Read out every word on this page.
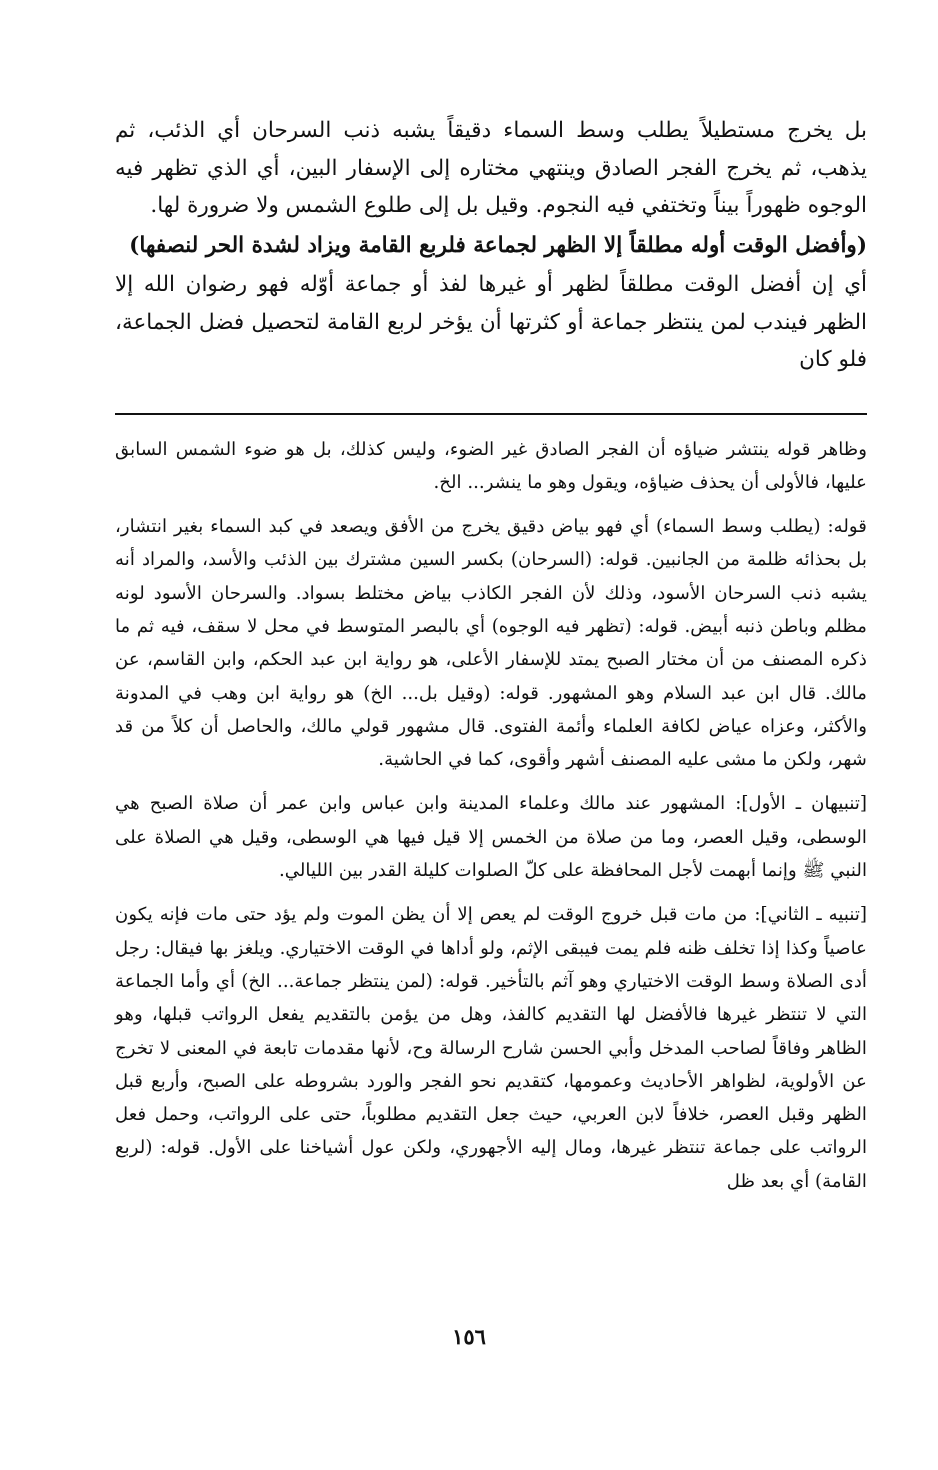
بل يخرج مستطيلاً يطلب وسط السماء دقيقاً يشبه ذنب السرحان أي الذئب، ثم يذهب، ثم يخرج الفجر الصادق وينتهي مختاره إلى الإسفار البين، أي الذي تظهر فيه الوجوه ظهوراً بيناً وتختفي فيه النجوم. وقيل بل إلى طلوع الشمس ولا ضرورة لها.

(وأفضل الوقت أوله مطلقاً إلا الظهر لجماعة فلربع القامة ويزاد لشدة الحر لنصفها)

أي إن أفضل الوقت مطلقاً لظهر أو غيرها لفذ أو جماعة أوّله فهو رضوان الله إلا الظهر فيندب لمن ينتظر جماعة أو كثرتها أن يؤخر لربع القامة لتحصيل فضل الجماعة، فلو كان

وظاهر قوله ينتشر ضياؤه أن الفجر الصادق غير الضوء، وليس كذلك، بل هو ضوء الشمس السابق عليها، فالأولى أن يحذف ضياؤه، ويقول وهو ما ينشر... الخ.

قوله: (يطلب وسط السماء) أي فهو بياض دقيق يخرج من الأفق ويصعد في كبد السماء بغير انتشار، بل بحذائه ظلمة من الجانبين. قوله: (السرحان) بكسر السين مشترك بين الذئب والأسد، والمراد أنه يشبه ذنب السرحان الأسود، وذلك لأن الفجر الكاذب بياض مختلط بسواد. والسرحان الأسود لونه مظلم وباطن ذنبه أبيض. قوله: (تظهر فيه الوجوه) أي بالبصر المتوسط في محل لا سقف، فيه ثم ما ذكره المصنف من أن مختار الصبح يمتد للإسفار الأعلى، هو رواية ابن عبد الحكم، وابن القاسم، عن مالك. قال ابن عبد السلام وهو المشهور. قوله: (وقيل بل... الخ) هو رواية ابن وهب في المدونة والأكثر، وعزاه عياض لكافة العلماء وأئمة الفتوى. قال مشهور قولي مالك، والحاصل أن كلاً من قد شهر، ولكن ما مشى عليه المصنف أشهر وأقوى، كما في الحاشية.

[تنبيهان ـ الأول]: المشهور عند مالك وعلماء المدينة وابن عباس وابن عمر أن صلاة الصبح هي الوسطى، وقيل العصر، وما من صلاة من الخمس إلا قيل فيها هي الوسطى، وقيل هي الصلاة على النبي ﷺ وإنما أبهمت لأجل المحافظة على كلّ الصلوات كليلة القدر بين الليالي.

[تنبيه ـ الثاني]: من مات قبل خروج الوقت لم يعص إلا أن يظن الموت ولم يؤد حتى مات فإنه يكون عاصياً وكذا إذا تخلف ظنه فلم يمت فيبقى الإثم، ولو أداها في الوقت الاختياري. ويلغز بها فيقال: رجل أدى الصلاة وسط الوقت الاختياري وهو آثم بالتأخير. قوله: (لمن ينتظر جماعة... الخ) أي وأما الجماعة التي لا تنتظر غيرها فالأفضل لها التقديم كالفذ، وهل من يؤمن بالتقديم يفعل الرواتب قبلها، وهو الظاهر وفاقاً لصاحب المدخل وأبي الحسن شارح الرسالة وح، لأنها مقدمات تابعة في المعنى لا تخرج عن الأولوية، لظواهر الأحاديث وعمومها، كتقديم نحو الفجر والورد بشروطه على الصبح، وأربع قبل الظهر وقبل العصر، خلافاً لابن العربي، حيث جعل التقديم مطلوباً، حتى على الرواتب، وحمل فعل الرواتب على جماعة تنتظر غيرها، ومال إليه الأجهوري، ولكن عول أشياخنا على الأول. قوله: (لربع القامة) أي بعد ظل

١٥٦
